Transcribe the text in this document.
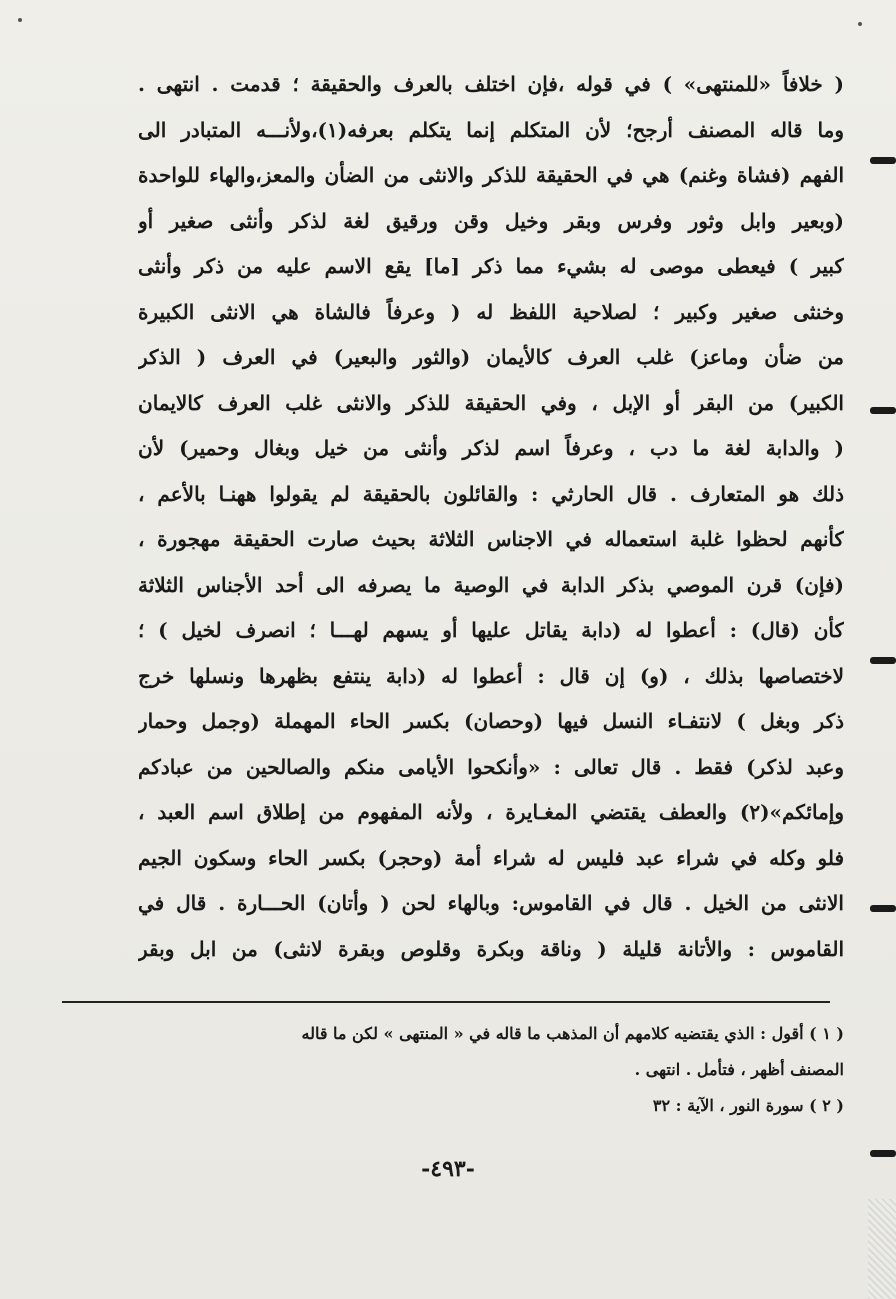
( خلافاً «للمنتهى» ) في قوله ،فإن اختلف بالعرف والحقيقة ؛ قدمت . انتهى .
وما قاله المصنف أرجح؛ لأن المتكلم إنما يتكلم بعرفه(١)،ولأنـــه المتبادر الى
الفهم (فشاة وغنم) هي في الحقيقة للذكر والانثى من الضأن والمعز،والهاء للواحدة
(وبعير وابل وثور وفرس وبقر وخيل وقن ورقيق لغة لذكر وأنثى صغير أو
كبير ) فيعطى موصى له بشيء مما ذكر [ما] يقع الاسم عليه من ذكر وأنثى
وخنثى صغير وكبير ؛ لصلاحية اللفظ له ( وعرفاً فالشاة هي الانثى الكبيرة
من ضأن وماعز) غلب العرف كالأيمان (والثور والبعير) في العرف ( الذكر
الكبير) من البقر أو الإبل ، وفي الحقيقة للذكر والانثى غلب العرف كالايمان
( والدابة لغة ما دب ، وعرفاً اسم لذكر وأنثى من خيل وبغال وحمير) لأن
ذلك هو المتعارف . قال الحارثي : والقائلون بالحقيقة لم يقولوا ههنـا بالأعم ،
كأنهم لحظوا غلبة استعماله في الاجناس الثلاثة بحيث صارت الحقيقة مهجورة ،
(فإن) قرن الموصي بذكر الدابة في الوصية ما يصرفه الى أحد الأجناس الثلاثة
كأن (قال) : أعطوا له (دابة يقاتل عليها أو يسهم لهـــا ؛ انصرف لخيل ) ؛
لاختصاصها بذلك ، (و) إن قال : أعطوا له (دابة ينتفع بظهرها ونسلها خرج
ذكر وبغل ) لانتفـاء النسل فيها (وحصان) بكسر الحاء المهملة (وجمل وحمار
وعبد لذكر) فقط . قال تعالى : «وأنكحوا الأيامى منكم والصالحين من عبادكم
وإمائكم»(٢) والعطف يقتضي المغـايرة ، ولأنه المفهوم من إطلاق اسم العبد ،
فلو وكله في شراء عبد فليس له شراء أمة (وحجر) بكسر الحاء وسكون الجيم
الانثى من الخيل . قال في القاموس: وبالهاء لحن ( وأتان) الحـــارة . قال في
القاموس : والأتانة قليلة ( وناقة وبكرة وقلوص وبقرة لانثى) من ابل وبقر
( ١ ) أقول : الذي يقتضيه كلامهم أن المذهب ما قاله في « المنتهى » لكن ما قاله
المصنف أظهر ، فتأمل . انتهى .
( ٢ ) سورة النور ، الآية : ٣٢
-٤٩٣-
